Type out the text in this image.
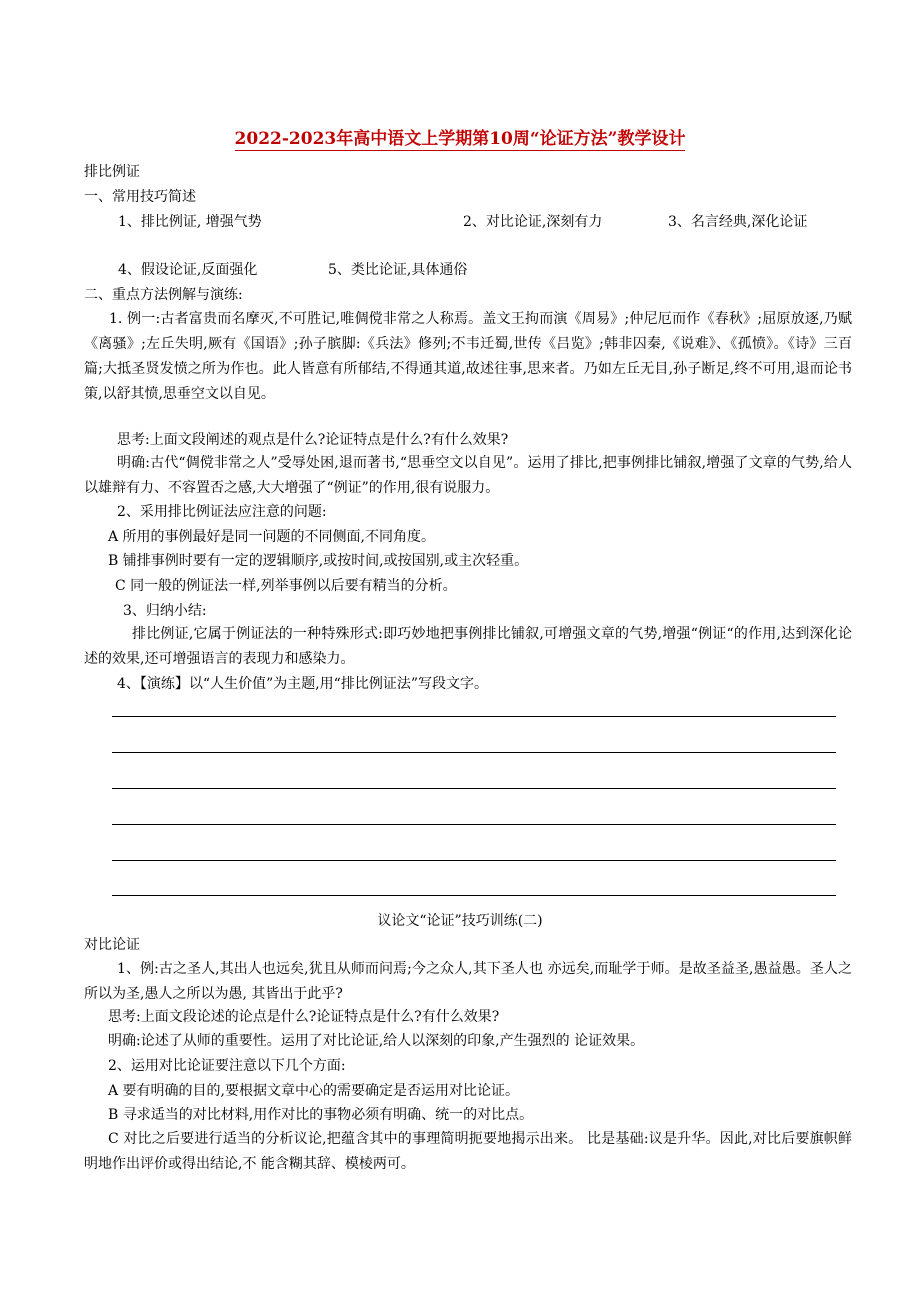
2022-2023年高中语文上学期第10周“论证方法”教学设计
排比例证
一、常用技巧简述
1、排比例证, 增强气势	2、对比论证,深刻有力	3、名言经典,深化论证
4、假设论证,反面强化	5、类比论证,具体通俗
二、重点方法例解与演练:
1. 例一:古者富贵而名摩灭,不可胜记,唯倜傥非常之人称焉。盖文王拘而演《周易》;仲尼厄而作《春秋》;屈原放逐,乃赋《离骚》;左丘失明,厥有《国语》;孙子膑脚:《兵法》修列;不韦迁蜀,世传《吕览》;韩非囚秦,《说难》、《孤愤》。《诗》三百篇;大抵圣贤发愤之所为作也。此人皆意有所郁结,不得通其道,故述往事,思来者。乃如左丘无目,孙子断足,终不可用,退而论书策,以舒其愤,思垂空文以自见。
思考:上面文段阐述的观点是什么?论证特点是什么?有什么效果?
明确:古代“倜傥非常之人”受辱处困,退而著书,“思垂空文以自见”。运用了排比,把事例排比铺叙,增强了文章的气势,给人以雄辩有力、不容置否之感,大大增强了“例证”的作用,很有说服力。
2、采用排比例证法应注意的问题:
A 所用的事例最好是同一问题的不同侧面,不同角度。
B 铺排事例时要有一定的逻辑顺序,或按时间,或按国别,或主次轻重。
C 同一般的例证法一样,列举事例以后要有精当的分析。
3、归纳小结:
排比例证,它属于例证法的一种特殊形式:即巧妙地把事例排比铺叙,可增强文章的气势,增强“例证“的作用,达到深化论述的效果,还可增强语言的表现力和感染力。
4、【演练】以“人生价值”为主题,用“排比例证法”写段文字。
议论文“论证”技巧训练(二)
对比论证
1、例:古之圣人,其出人也远矣,犹且从师而问焉;今之众人,其下圣人也 亦远矣,而耻学于师。是故圣益圣,愚益愚。圣人之所以为圣,愚人之所以为愚, 其皆出于此乎?
思考:上面文段论述的论点是什么?论证特点是什么?有什么效果?
明确:论述了从师的重要性。运用了对比论证,给人以深刻的印象,产生强烈的 论证效果。
2、运用对比论证要注意以下几个方面:
A 要有明确的目的,要根据文章中心的需要确定是否运用对比论证。
B 寻求适当的对比材料,用作对比的事物必须有明确、统一的对比点。
C 对比之后要进行适当的分析议论,把蕴含其中的事理简明扼要地揭示出来。 比是基础:议是升华。因此,对比后要旗帜鲜明地作出评价或得出结论,不 能含糊其辞、模棱两可。
